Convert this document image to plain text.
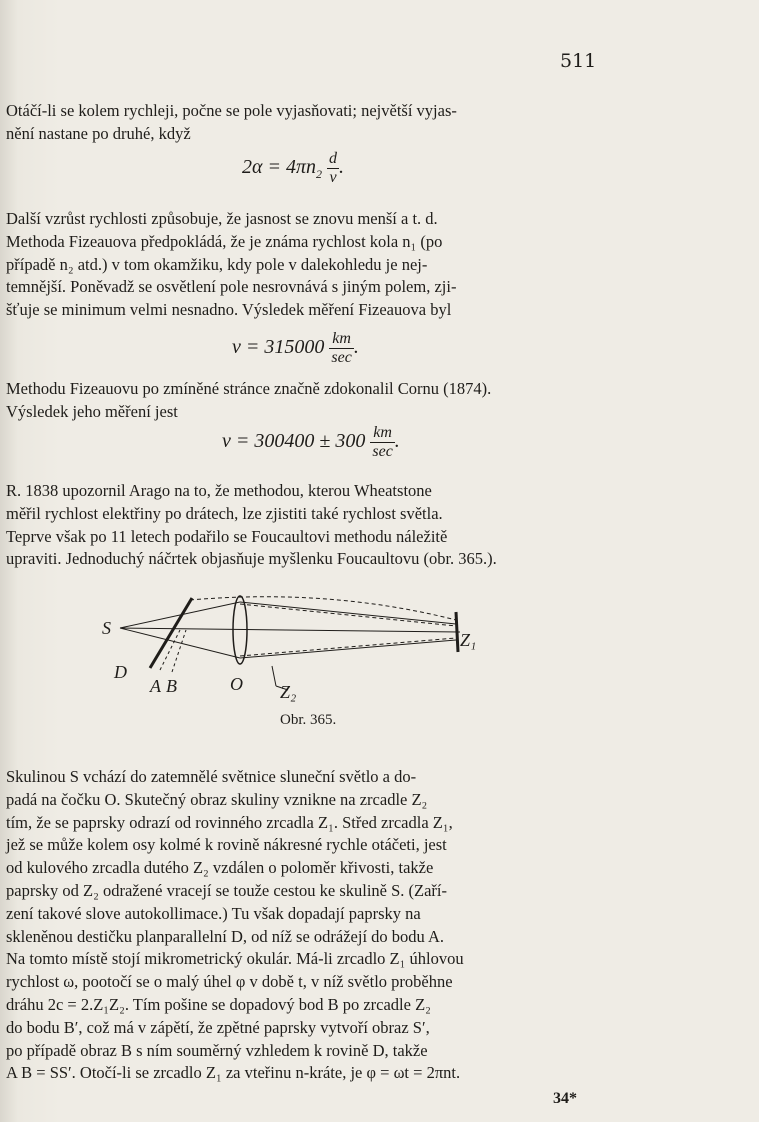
511
Otáčí-li se kolem rychleji, počne se pole vyjasňovati; největší vyjas-
nění nastane po druhé, když
$2\alpha = 4\pi n_2 \frac{d}{v}$ .
Další vzrůst rychlosti způsobuje, že jasnost se znovu menší a t. d.
Methoda Fizeauova předpokládá, že je známa rychlost kola n₁ (po
případě n₂ atd.) v tom okamžiku, kdy pole v dalekohledu je nej-
temnější. Poněvadž se osvětlení pole nesrovnává s jiným polem, zji-
šťuje se minimum velmi nesnadno. Výsledek měření Fizeauova byl
$v = 315000 \frac{km}{\sec}$ .
Methodu Fizeauovu po zmíněné stránce značně zdokonalil Cornu (1874).
Výsledek jeho měření jest
$v = 300400 \pm 300 \frac{km}{\sec}$ .
R. 1838 upozornil Arago na to, že methodou, kterou Wheatstone
měřil rychlost elektřiny po drátech, lze zjistiti také rychlost světla.
Teprve však po 11 letech podařilo se Foucaultovi methodu náležitě
upraviti. Jednoduchý náčrtek objasňuje myšlenku Foucaultovu (obr. 365.).
S
D
A B	O Z₂
Z₁
Obr. 365.
Skulinou S vchází do zatemnělé světnice sluneční světlo a do-
padá na čočku O. Skutečný obraz skuliny vznikne na zrcadle Z₂
tím, že se paprsky odrazí od rovinného zrcadla Z₁. Střed zrcadla Z₁,
jež se může kolem osy kolmé k rovině nákresné rychle otáčeti, jest
od kulového zrcadla dutého Z₂ vzdálen o poloměr křivosti, takže
paprsky od Z₂ odražené vracejí se touže cestou ke skulině S. (Zaří-
zení takové slove autokollimace.) Tu však dopadají paprsky na
skleněnou destičku planparallelní D, od níž se odrážejí do bodu A.
Na tomto místě stojí mikrometrický okulár. Má-li zrcadlo Z₁ úhlovou
rychlost ω, pootočí se o malý úhel φ v době t, v níž světlo proběhne
dráhu 2c = 2.Z₁Z₂. Tím pošine se dopadový bod B po zrcadle Z₂
do bodu B′, což má v zápětí, že zpětné paprsky vytvoří obraz S′,
po případě obraz B s ním souměrný vzhledem k rovině D, takže
A B = SS′. Otočí-li se zrcadlo Z₁ za vteřinu n-kráte, je φ = ωt = 2πnt.
34*
